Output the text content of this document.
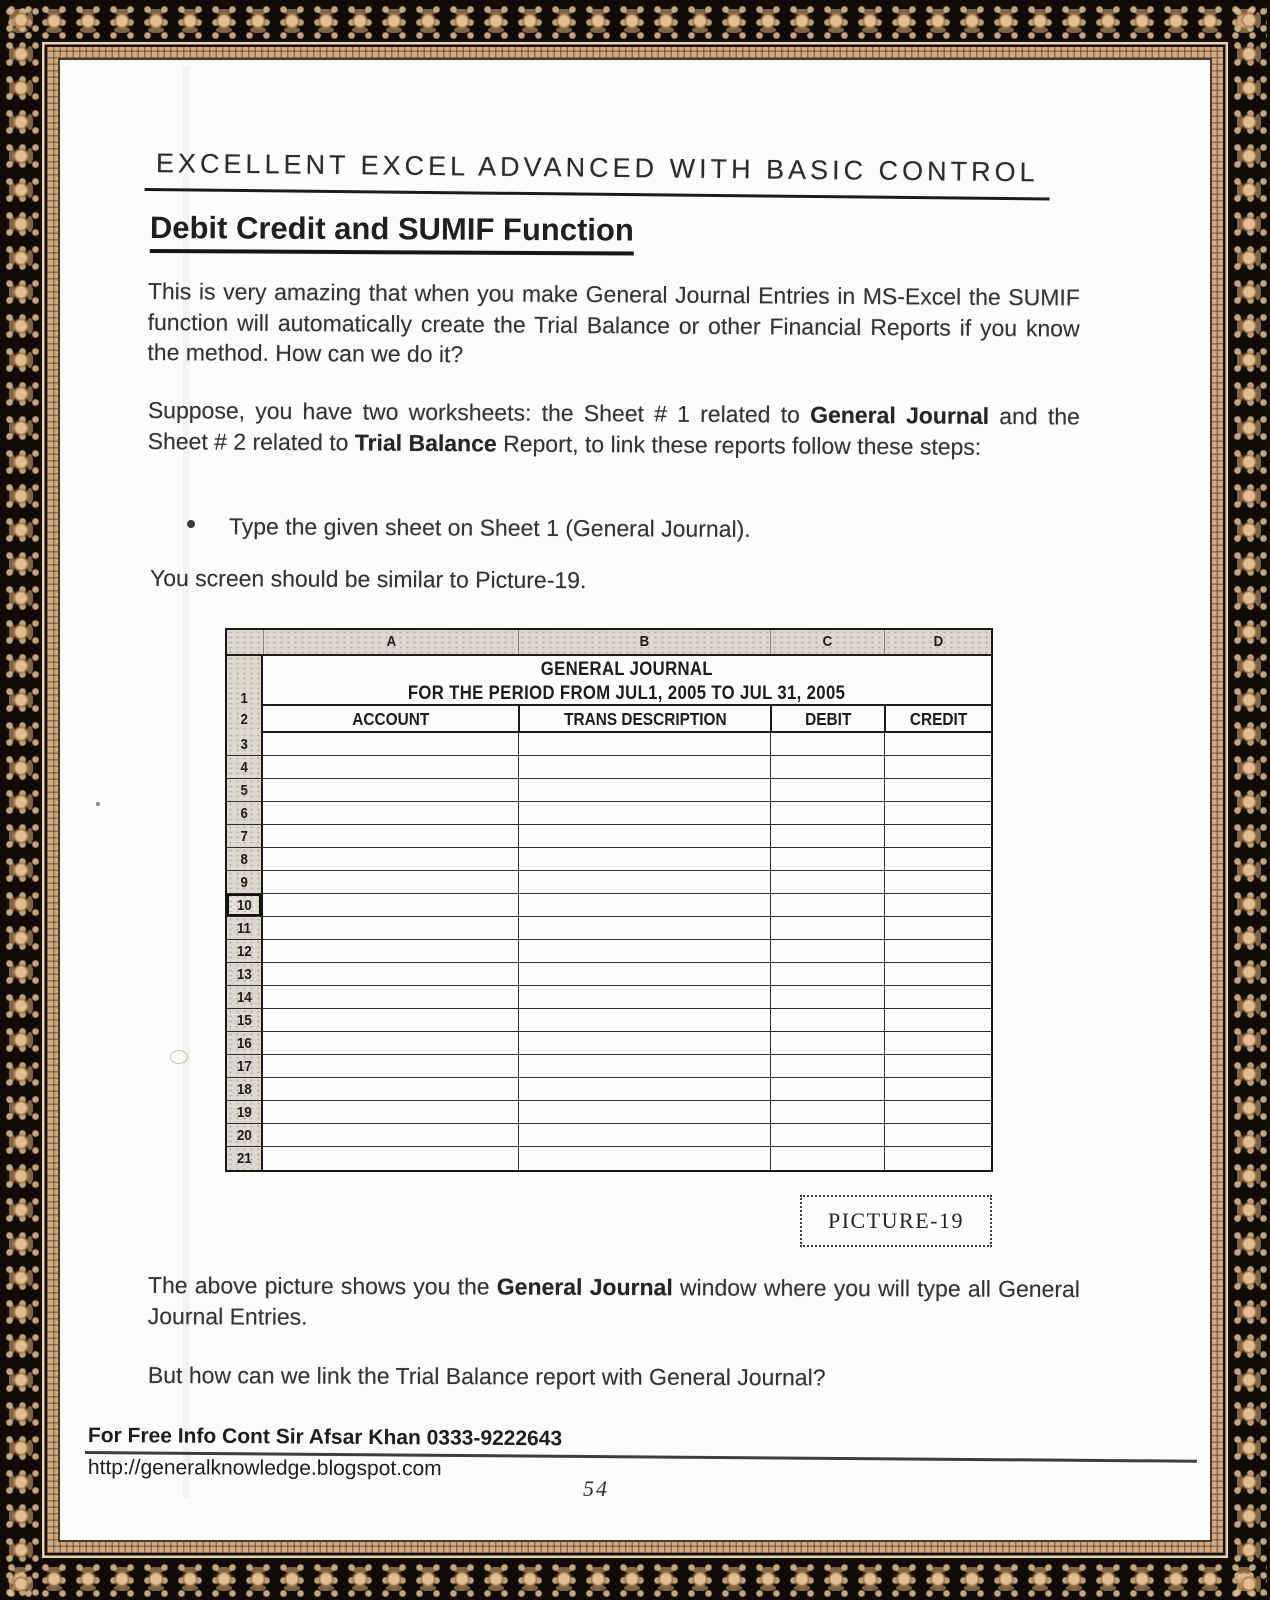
EXCELLENT EXCEL ADVANCED WITH BASIC CONTROL
Debit Credit and SUMIF Function

This is very amazing that when you make General Journal Entries in MS-Excel the SUMIF function will automatically create the Trial Balance or other Financial Reports if you know the method. How can we do it?

Suppose, you have two worksheets: the Sheet # 1 related to General Journal and the Sheet # 2 related to Trial Balance Report, to link these reports follow these steps:

Type the given sheet on Sheet 1 (General Journal).
You screen should be similar to Picture-19.
A	B	C	D
1
GENERAL JOURNAL
FOR THE PERIOD FROM JUL1, 2005 TO JUL 31, 2005
2	ACCOUNT	TRANS DESCRIPTION	DEBIT	CREDIT
3
4
5
6
7
8
9
10
11
12
13
14
15
16
17
18
19
20
21
PICTURE-19

The above picture shows you the General Journal window where you will type all General Journal Entries.

But how can we link the Trial Balance report with General Journal?

For Free Info Cont Sir Afsar Khan 0333-9222643
http://generalknowledge.blogspot.com
54
